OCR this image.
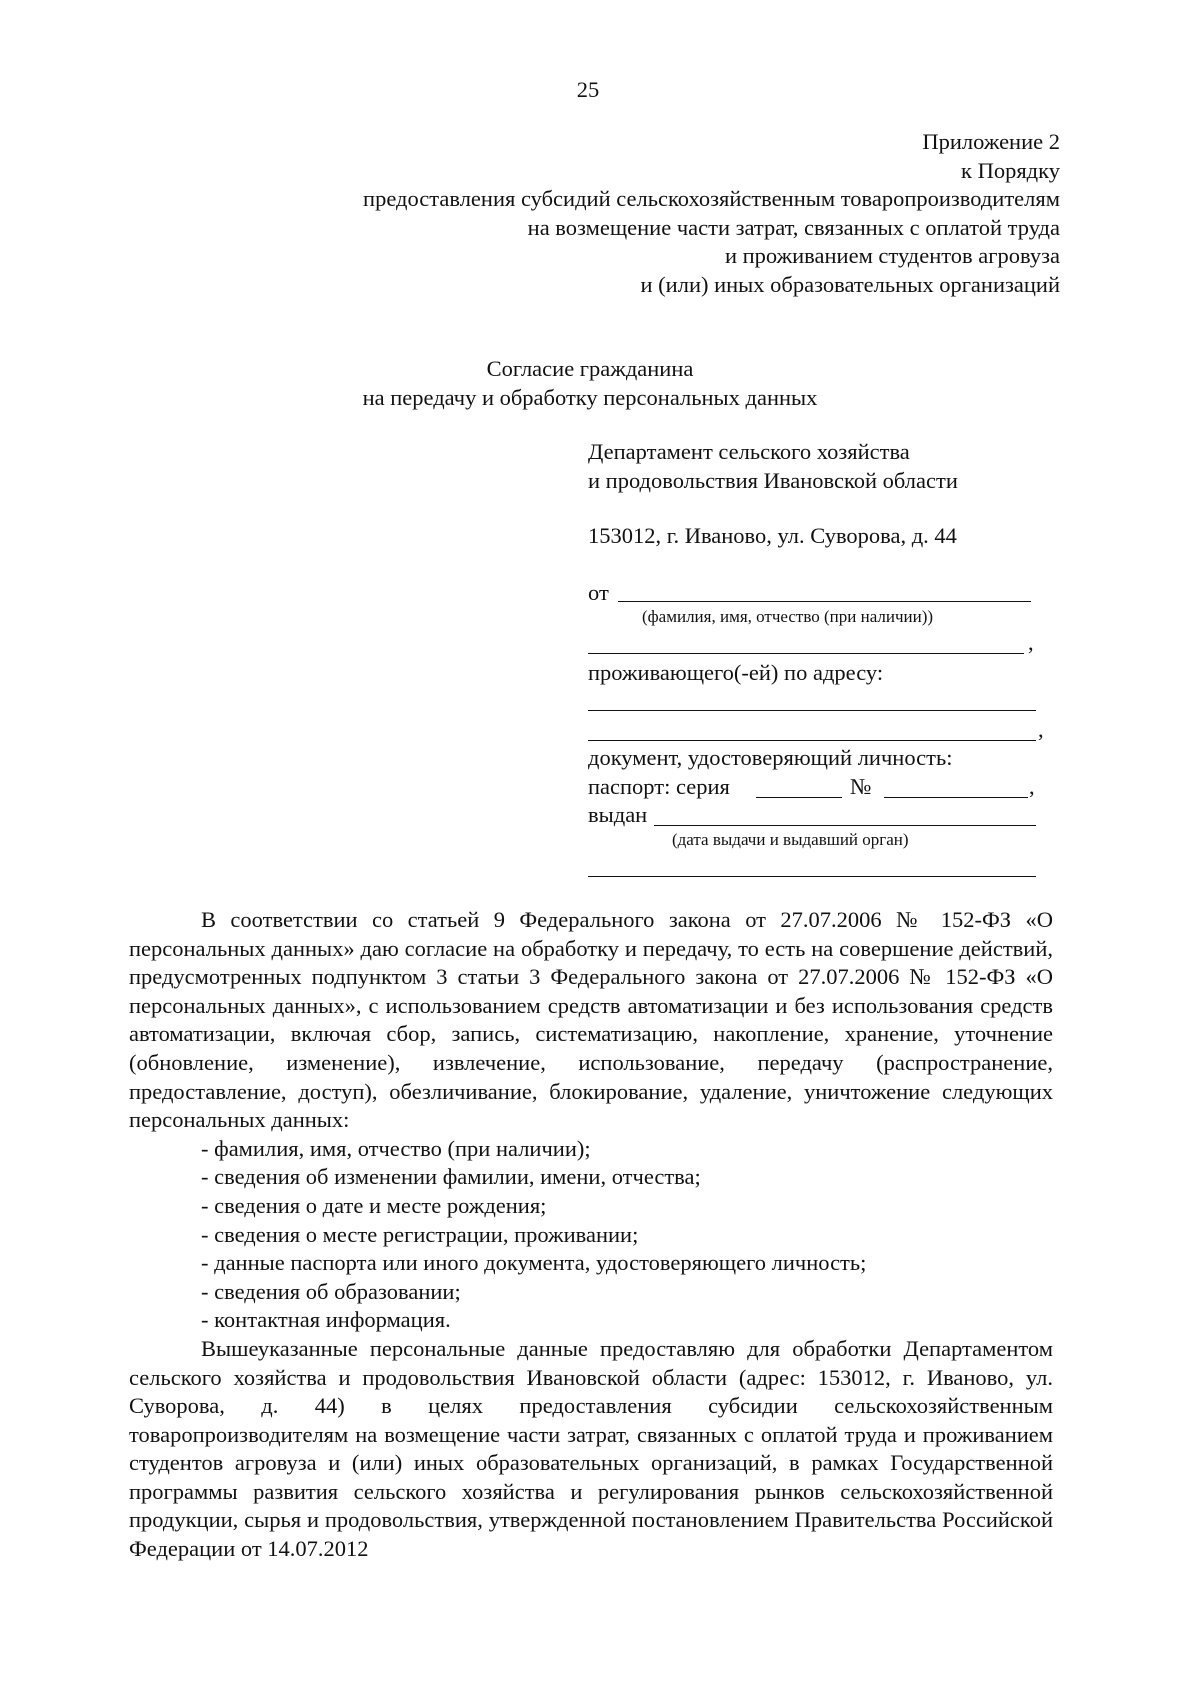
25
Приложение 2
к Порядку
предоставления субсидий сельскохозяйственным товаропроизводителям
на возмещение части затрат, связанных с оплатой труда
и проживанием студентов агровуза
и (или) иных образовательных организаций
Согласие гражданина
на передачу и обработку персональных данных
Департамент сельского хозяйства
и продовольствия Ивановской области
153012, г. Иваново, ул. Суворова, д. 44
от
(фамилия, имя, отчество (при наличии))
,
проживающего(-ей) по адресу:
,
документ, удостоверяющий личность:
паспорт: серия	№	,
выдан
(дата выдачи и выдавший орган)

В соответствии со статьей 9 Федерального закона от 27.07.2006 № 152-ФЗ «О персональных данных» даю согласие на обработку и передачу, то есть на совершение действий, предусмотренных подпунктом 3 статьи 3 Федерального закона от 27.07.2006 № 152-ФЗ «О персональных данных», с использованием средств автоматизации и без использования средств автоматизации, включая сбор, запись, систематизацию, накопление, хранение, уточнение (обновление, изменение), извлечение, использование, передачу (распространение, предоставление, доступ), обезличивание, блокирование, удаление, уничтожение следующих персональных данных:

- фамилия, имя, отчество (при наличии);
- сведения об изменении фамилии, имени, отчества;
- сведения о дате и месте рождения;
- сведения о месте регистрации, проживании;
- данные паспорта или иного документа, удостоверяющего личность;
- сведения об образовании;
- контактная информация.

Вышеуказанные персональные данные предоставляю для обработки Департаментом сельского хозяйства и продовольствия Ивановской области (адрес: 153012, г. Иваново, ул. Суворова, д. 44) в целях предоставления субсидии сельскохозяйственным товаропроизводителям на возмещение части затрат, связанных с оплатой труда и проживанием студентов агровуза и (или) иных образовательных организаций, в рамках Государственной программы развития сельского хозяйства и регулирования рынков сельскохозяйственной продукции, сырья и продовольствия, утвержденной постановлением Правительства Российской Федерации от 14.07.2012
